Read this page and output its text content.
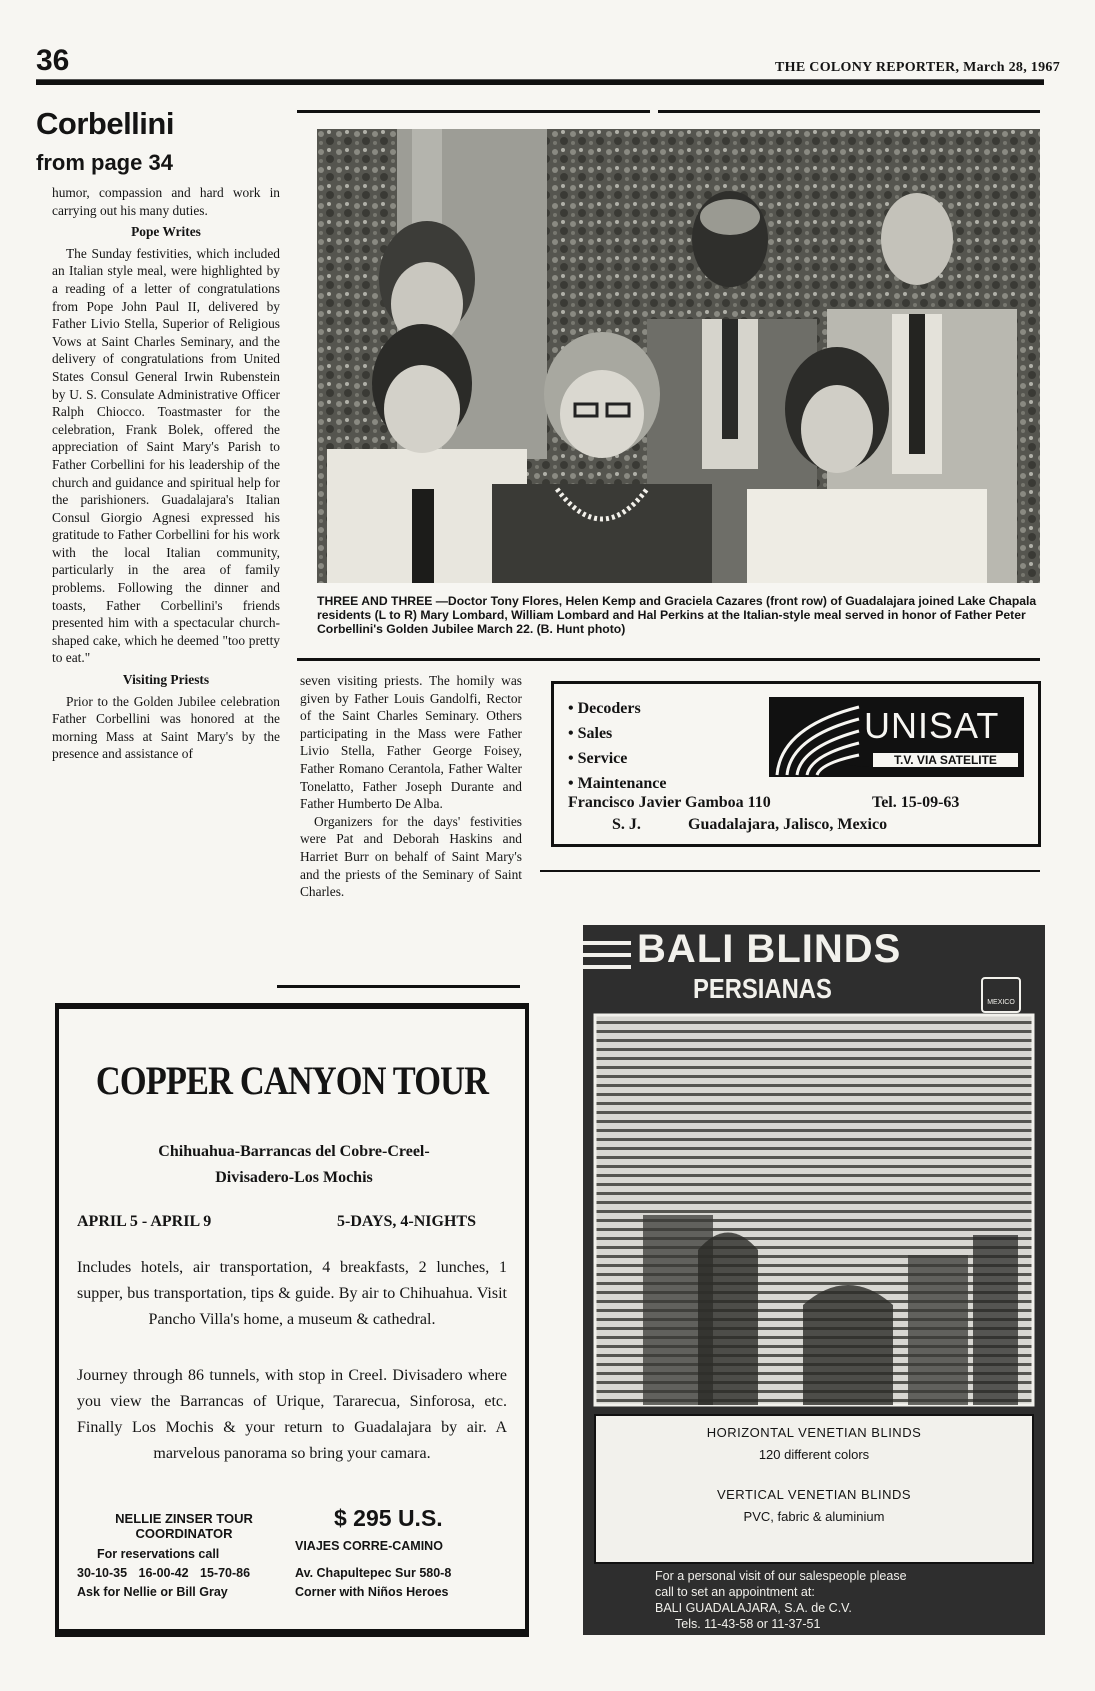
36	THE COLONY REPORTER, March 28, 1967
Corbellini
from page 34

humor, compassion and hard work in carrying out his many duties.

Pope Writes

The Sunday festivities, which included an Italian style meal, were highlighted by a reading of a letter of congratulations from Pope John Paul II, delivered by Father Livio Stella, Superior of Religious Vows at Saint Charles Seminary, and the delivery of congratulations from United States Consul General Irwin Rubenstein by U. S. Consulate Administrative Officer Ralph Chiocco. Toastmaster for the celebration, Frank Bolek, offered the appreciation of Saint Mary's Parish to Father Corbellini for his leadership of the church and guidance and spiritual help for the parishioners. Guadalajara's Italian Consul Giorgio Agnesi expressed his gratitude to Father Corbellini for his work with the local Italian community, particularly in the area of family problems. Following the dinner and toasts, Father Corbellini's friends presented him with a spectacular church-shaped cake, which he deemed "too pretty to eat."

Visiting Priests

Prior to the Golden Jubilee celebration Father Corbellini was honored at the morning Mass at Saint Mary's by the presence and assistance of

THREE AND THREE —Doctor Tony Flores, Helen Kemp and Graciela Cazares (front row) of Guadalajara joined Lake Chapala residents (L to R) Mary Lombard, William Lombard and Hal Perkins at the Italian-style meal served in honor of Father Peter Corbellini's Golden Jubilee March 22. (B. Hunt photo)

seven visiting priests. The homily was given by Father Louis Gandolfi, Rector of the Saint Charles Seminary. Others participating in the Mass were Father Livio Stella, Father George Foisey, Father Romano Cerantola, Father Walter Tonelatto, Father Joseph Durante and Father Humberto De Alba.

Organizers for the days' festivities were Pat and Deborah Haskins and Harriet Burr on behalf of Saint Mary's and the priests of the Seminary of Saint Charles.

• Decoders
• Sales
• Service
• Maintenance
UNISAT
T.V. VIA SATELITE
Francisco Javier Gamboa 110	Tel. 15-09-63
S. J.	Guadalajara, Jalisco, Mexico
COPPER CANYON TOUR
Chihuahua-Barrancas del Cobre-Creel-Divisadero-Los Mochis
APRIL 5 - APRIL 9	5-DAYS, 4-NIGHTS
Includes hotels, air transportation, 4 breakfasts, 2 lunches, 1 supper, bus transportation, tips & guide. By air to Chihuahua. Visit Pancho Villa's home, a museum & cathedral.
Journey through 86 tunnels, with stop in Creel. Divisadero where you view the Barrancas of Urique, Tararecua, Sinforosa, etc. Finally Los Mochis & your return to Guadalajara by air. A marvelous panorama so bring your camara.
NELLIE ZINSER TOUR COORDINATOR
$ 295 U.S.
For reservations call
30-10-35 16-00-42 15-70-86
Ask for Nellie or Bill Gray
VIAJES CORRE-CAMINO
Av. Chapultepec Sur 580-8
Corner with Niños Heroes
BALI BLINDS
PERSIANAS	MEXICO
HORIZONTAL VENETIAN BLINDS
120 different colors
VERTICAL VENETIAN BLINDS
PVC, fabric & aluminium
For a personal visit of our salespeople please
call to set an appointment at:
BALI GUADALAJARA, S.A. de C.V.
Tels. 11-43-58 or 11-37-51
